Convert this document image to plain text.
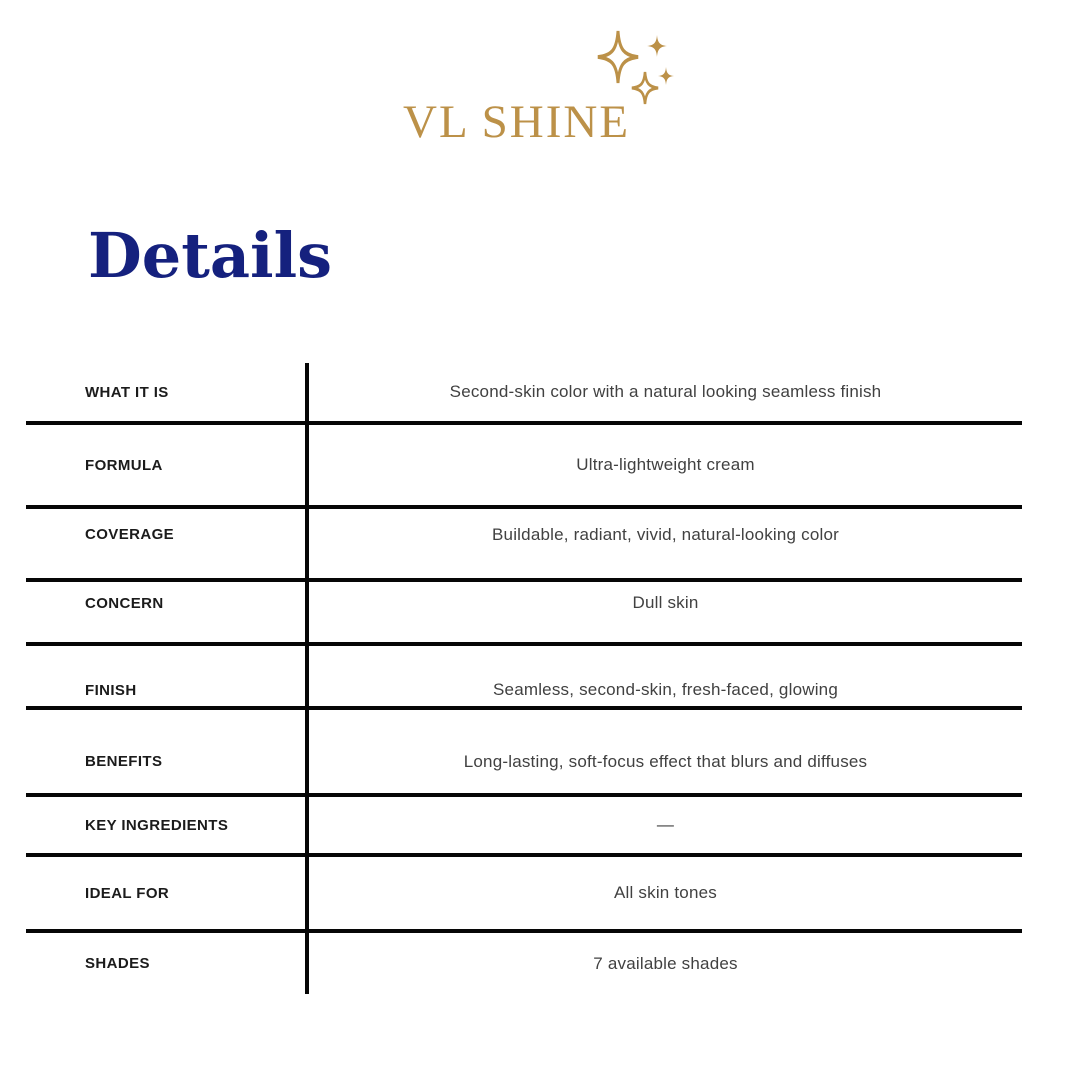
VL SHINE
Details
WHAT IT IS	Second-skin color with a natural looking seamless finish
FORMULA	Ultra-lightweight cream
COVERAGE	Buildable, radiant, vivid, natural-looking color
CONCERN	Dull skin
FINISH	Seamless, second-skin, fresh-faced, glowing
BENEFITS	Long-lasting, soft-focus effect that blurs and diffuses
KEY INGREDIENTS	—
IDEAL FOR	All skin tones
SHADES	7 available shades
